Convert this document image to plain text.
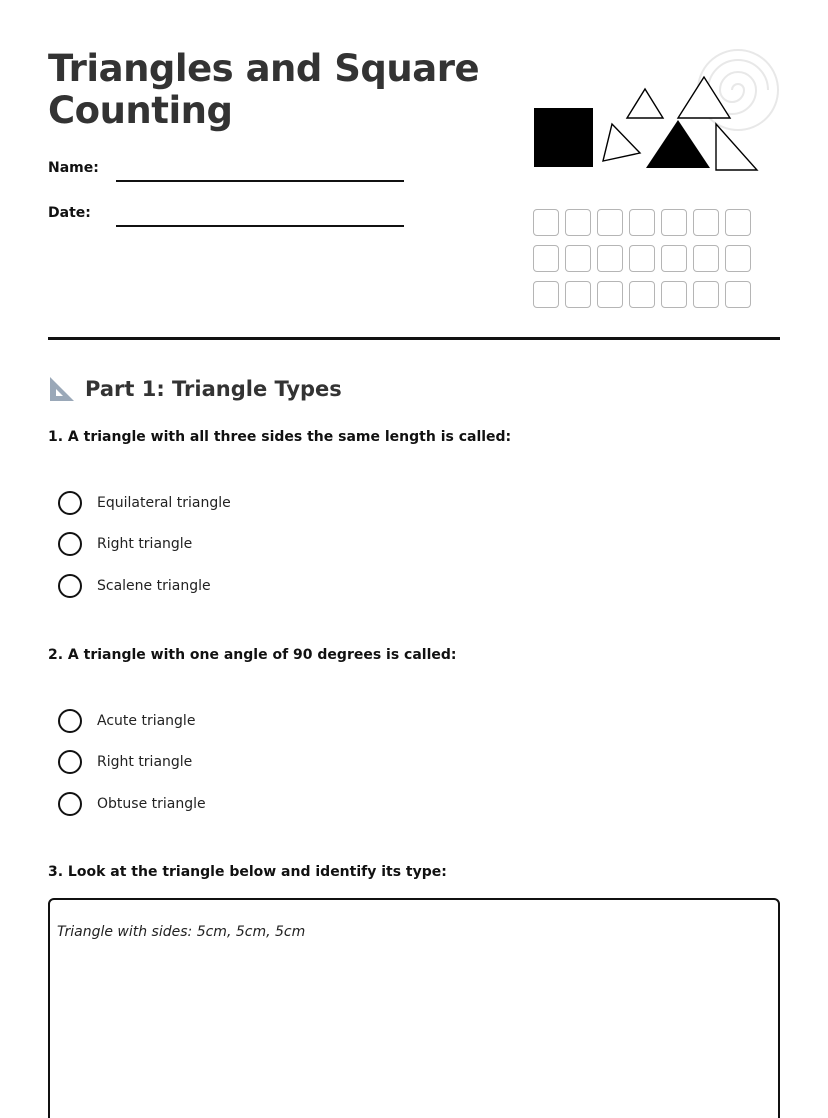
Triangles and Square Counting
Name:
Date:
Part 1: Triangle Types
1. A triangle with all three sides the same length is called:
Equilateral triangle
Right triangle
Scalene triangle
2. A triangle with one angle of 90 degrees is called:
Acute triangle
Right triangle
Obtuse triangle
3. Look at the triangle below and identify its type:
Triangle with sides: 5cm, 5cm, 5cm
